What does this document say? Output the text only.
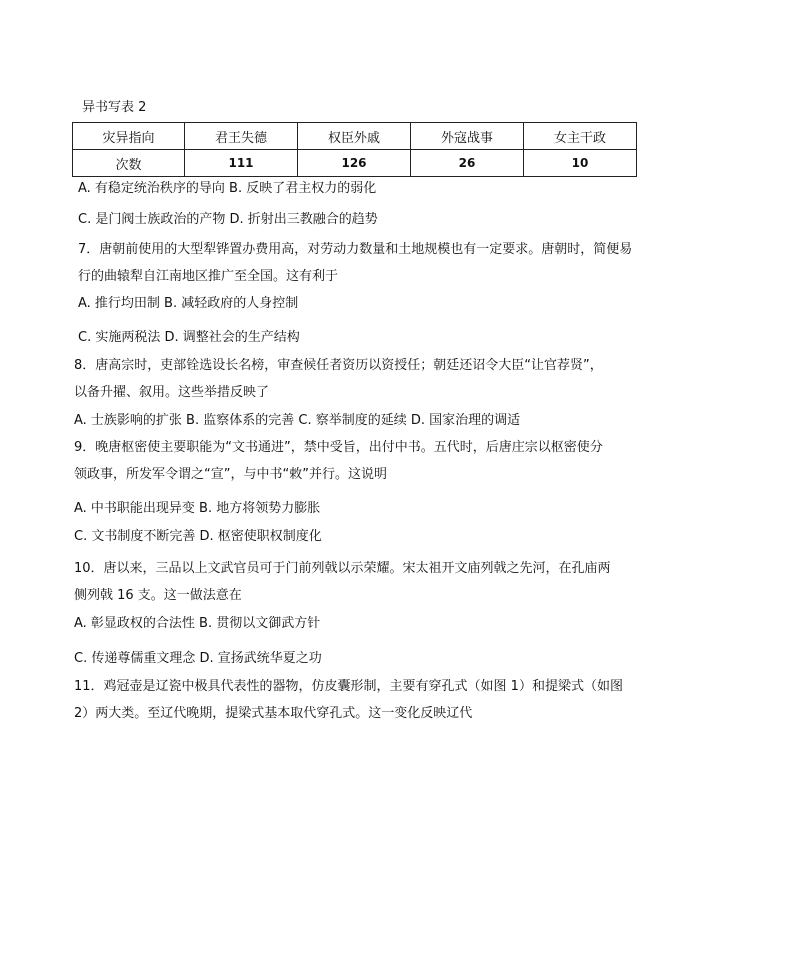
异书写表 2
灾异指向	君王失德	权臣外戚	外寇战事	女主干政
次数	111	126	26	10
A. 有稳定统治秩序的导向 B. 反映了君主权力的弱化
C. 是门阀士族政治的产物 D. 折射出三教融合的趋势
7．唐朝前使用的大型犁铧置办费用高，对劳动力数量和土地规模也有一定要求。唐朝时，简便易
行的曲辕犁自江南地区推广至全国。这有利于
A. 推行均田制 B. 减轻政府的人身控制
C. 实施两税法 D. 调整社会的生产结构
8．唐高宗时，吏部铨选设长名榜，审查候任者资历以资授任；朝廷还诏令大臣“让官荐贤”，
以备升擢、叙用。这些举措反映了
A. 士族影响的扩张 B. 监察体系的完善 C. 察举制度的延续 D. 国家治理的调适
9．晚唐枢密使主要职能为“文书通进”，禁中受旨，出付中书。五代时，后唐庄宗以枢密使分
领政事，所发军令谓之“宣”，与中书“敕”并行。这说明
A. 中书职能出现异变 B. 地方将领势力膨胀
C. 文书制度不断完善 D. 枢密使职权制度化
10．唐以来，三品以上文武官员可于门前列戟以示荣耀。宋太祖开文庙列戟之先河，在孔庙两
侧列戟 16 支。这一做法意在
A. 彰显政权的合法性 B. 贯彻以文御武方针
C. 传递尊儒重文理念 D. 宣扬武统华夏之功
11．鸡冠壶是辽瓷中极具代表性的器物，仿皮囊形制，主要有穿孔式（如图 1）和提梁式（如图
2）两大类。至辽代晚期，提梁式基本取代穿孔式。这一变化反映辽代
